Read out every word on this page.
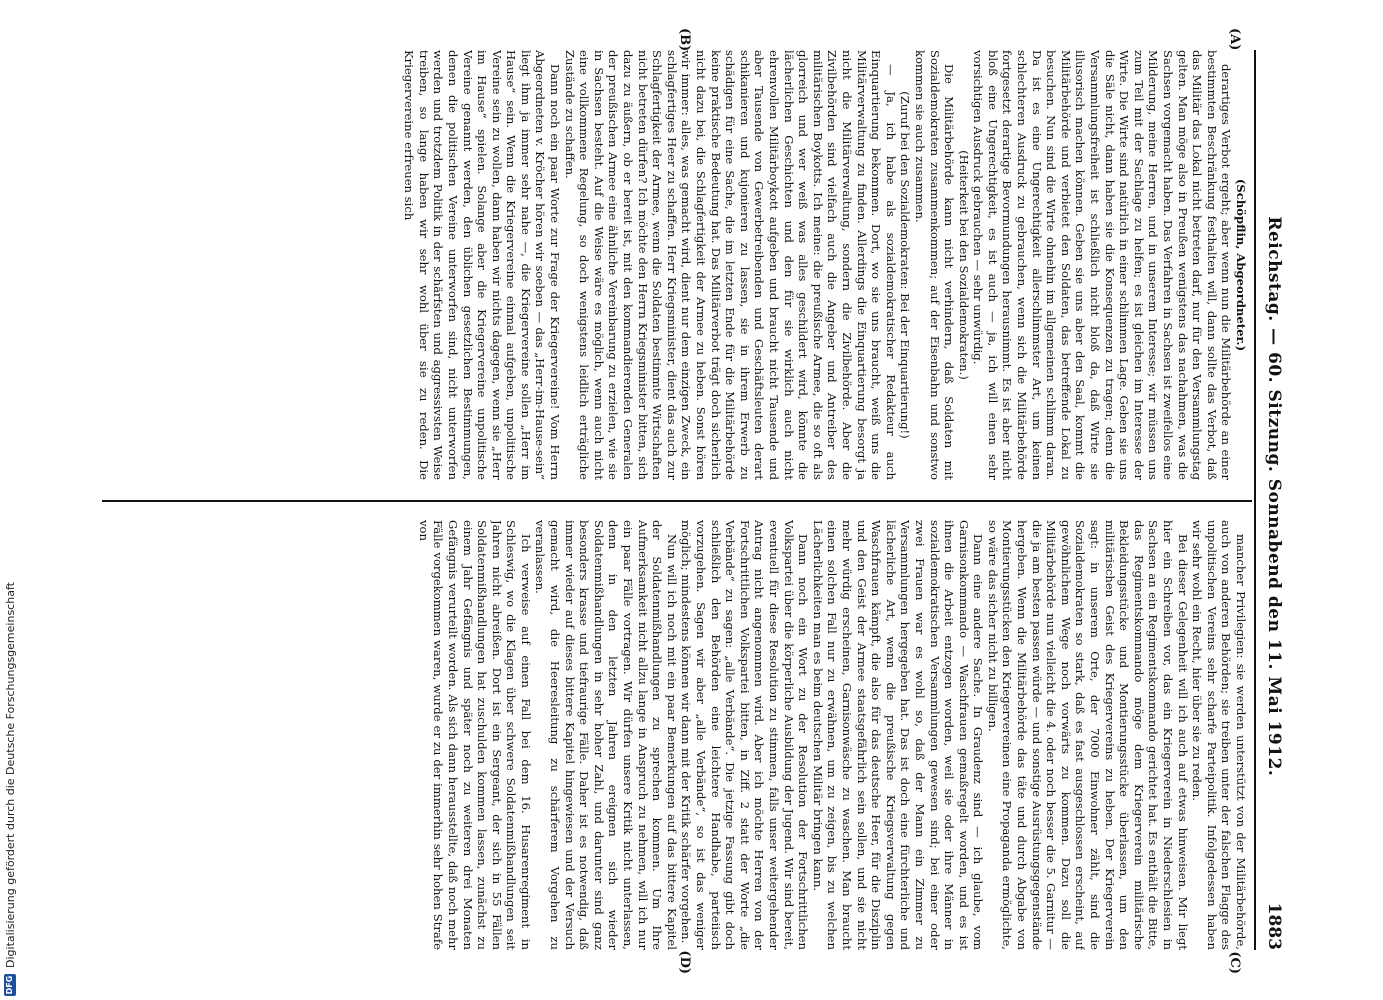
Reichstag. — 60. Sitzung. Sonnabend den 11. Mai 1912.
1883
(A)
(B)
(C)
(D)

(Schöpflin, Abgeordneter.)

derartiges Verbot ergeht; aber wenn nun die Militärbehörde an einer bestimmten Beschränkung festhalten will, dann sollte das Verbot, daß das Militär das Lokal nicht betreten darf, nur für den Versammlungstag gelten. Man möge also in Preußen wenigstens das nachahmen, was die Sachsen vorgemacht haben. Das Verfahren in Sachsen ist zweifellos eine Milderung, meine Herren, und in unserem Interesse; wir müssen uns zum Teil mit der Sachlage zu helfen; es ist gleichen im Interesse der Wirte. Die Wirte sind natürlich in einer schlimmen Lage. Geben sie uns die Säle nicht, dann haben sie die Konsequenzen zu tragen; denn die Versammlungsfreiheit ist schließlich nicht bloß da, daß Wirte sie illusorisch machen können. Geben sie uns aber den Saal, kommt die Militärbehörde und verbietet den Soldaten, das betreffende Lokal zu besuchen. Nun sind die Wirte ohnehin im allgemeinen schlimm daran. Da ist es eine Ungerechtigkeit allerschlimmster Art, um keinen schlechteren Ausdruck zu gebrauchen, wenn sich die Militärbehörde fortgesetzt derartige Bevormundungen herausnimmt. Es ist aber nicht bloß eine Ungerechtigkeit, es ist auch — ja, ich will einen sehr vorsichtigen Ausdruck gebrauchen — sehr unwürdig.

(Heiterkeit bei den Sozialdemokraten.)

Die Militärbehörde kann nicht verhindern, daß Soldaten mit Sozialdemokraten zusammenkommen; auf der Eisenbahn und sonstwo kommen sie auch zusammen.

(Zuruf bei den Sozialdemokraten: Bei der Einquartierung!)

— Ja, ich habe als sozialdemokratischer Redakteur auch Einquartierung bekommen. Dort, wo sie uns braucht, weiß uns die Militärverwaltung zu finden. Allerdings die Einquartierung besorgt ja nicht die Militärverwaltung, sondern die Zivilbehörde. Aber die Zivilbehörden sind vielfach auch die Angeber und Antreiber des militärischen Boykotts. Ich meine: die preußische Armee, die so oft als glorreich und wer weiß was alles geschildert wird, könnte die lächerlichen Geschichten und den für sie wirklich auch nicht ehrenvollen Militärboykott aufgeben und braucht nicht Tausende und aber Tausende von Gewerbetreibenden und Geschäftsleuten derart schikanieren und kujonieren zu lassen, sie in ihrem Erwerb zu schädigen für eine Sache, die im letzten Ende für die Militärbehörde keine praktische Bedeutung hat. Das Militärverbot trägt doch sicherlich nicht dazu bei, die Schlagfertigkeit der Armee zu heben. Sonst hören wir immer: alles, was gemacht wird, dient nur dem einzigen Zweck, ein schlagfertiges Heer zu schaffen. Herr Kriegsminister, dient das auch zur Schlagfertigkeit der Armee, wenn die Soldaten bestimmte Wirtschaften nicht betreten dürfen? Ich möchte den Herrn Kriegsminister bitten, sich dazu zu äußern, ob er bereit ist, mit den kommandierenden Generalen der preußischen Armee eine ähnliche Vereinbarung zu erzielen, wie sie in Sachsen besteht. Auf die Weise wäre es möglich, wenn auch nicht eine vollkommene Regelung, so doch wenigstens leidlich erträgliche Zustände zu schaffen.

Dann noch ein paar Worte zur Frage der Kriegervereine! Vom Herrn Abgeordneten v. Kröcher hören wir soeben — das „Herr-im-Hause-sein“ liegt ihm ja immer sehr nahe —, die Kriegervereine sollen „Herr im Hause“ sein. Wenn die Kriegervereine einmal aufgeben, unpolitische Vereine sein zu wollen, dann haben wir nichts dagegen, wenn sie „Herr im Hause“ spielen. Solange aber die Kriegervereine unpolitische Vereine genannt werden, den üblichen gesetzlichen Bestimmungen, denen die politischen Vereine unterworfen sind, nicht unterworfen werden und trotzdem Politik in der schärfsten und aggressivsten Weise treiben, so lange haben wir sehr wohl über sie zu reden. Die Kriegervereine erfreuen sich

mancher Privilegien: sie werden unterstützt von der Militärbehörde, auch von anderen Behörden; sie treiben unter der falschen Flagge des unpolitischen Vereins sehr scharfe Parteipolitik. Infolgedessen haben wir sehr wohl ein Recht, hier über sie zu reden.

Bei dieser Gelegenheit will ich auch auf etwas hinweisen. Mir liegt hier ein Schreiben vor, das ein Kriegerverein in Niederschlesien in Sachsen an ein Regimentskommando gerichtet hat. Es enthält die Bitte, das Regimentskommando möge dem Kriegerverein militärische Bekleidungsstücke und Montierungsstücke überlassen, um den militärischen Geist des Kriegervereins zu heben. Der Kriegerverein sagt: in unserem Orte, der 7000 Einwohner zählt, sind die Sozialdemokraten so stark, daß es fast ausgeschlossen erscheint, auf gewöhnlichem Wege noch vorwärts zu kommen. Dazu soll die Militärbehörde nun vielleicht die 4. oder noch besser die 5. Garnitur — die ja am besten passen würde — und sonstige Ausrüstungsgegenstände hergeben. Wenn die Militärbehörde das täte und durch Abgabe von Montierungsstücken den Kriegervereinen eine Propaganda ermöglichte, so wäre das sicher nicht zu billigen.

Dann eine andere Sache. In Graudenz sind — ich glaube, vom Garnisonkommando — Waschfrauen gemaßregelt worden, und es ist ihnen die Arbeit entzogen worden, weil sie oder ihre Männer in sozialdemokratischen Versammlungen gewesen sind; bei einer oder zwei Frauen war es wohl so, daß der Mann ein Zimmer zu Versammlungen hergegeben hat. Das ist doch eine fürchterliche und lächerliche Art, wenn die preußische Kriegsverwaltung gegen Waschfrauen kämpft, die also für das deutsche Heer, für die Disziplin und den Geist der Armee staatsgefährlich sein sollen, und sie nicht mehr würdig erscheinen, Garnisonwäsche zu waschen. Man braucht einen solchen Fall nur zu erwähnen, um zu zeigen, bis zu welchen Lächerlichkeiten man es beim deutschen Militär bringen kann.

Dann noch ein Wort zu der Resolution der Fortschrittlichen Volkspartei über die körperliche Ausbildung der Jugend. Wir sind bereit, eventuell für diese Resolution zu stimmen, falls unser weitergehender Antrag nicht angenommen wird. Aber ich möchte Herren von der Fortschrittlichen Volkspartei bitten, in Ziff. 2 statt der Worte „die Verbände“ zu sagen: „alle Verbände“. Die jetzige Fassung gibt doch schließlich den Behörden eine leichtere Handhabe, parteiisch vorzugehen. Sagen wir aber „alle Verbände“, so ist das weniger möglich; mindestens können wir dann mit der Kritik schärfer vorgehen.

Nun will ich noch mit ein paar Bemerkungen auf das bittere Kapitel der Soldatenmißhandlungen zu sprechen kommen. Um Ihre Aufmerksamkeit nicht allzu lange in Anspruch zu nehmen, will ich nur ein paar Fälle vortragen. Wir dürfen unsere Kritik nicht unterlassen, denn in den letzten Jahren ereignen sich wieder Soldatenmißhandlungen in sehr hoher Zahl, und darunter sind ganz besonders krasse und tiefraurige Fälle. Daher ist es notwendig, daß immer wieder auf dieses bittere Kapitel hingewiesen und der Versuch gemacht wird, die Heeresleitung zu schärferem Vorgehen zu veranlassen.

Ich verweise auf einen Fall bei dem 16. Husarenregiment in Schleswig, wo die Klagen über schwere Soldatenmißhandlungen seit Jahren nicht abreißen. Dort ist ein Sergeant, der sich in 55 Fällen Soldatenmißhandlungen hat zuschulden kommen lassen, zunächst zu einem Jahr Gefängnis und später noch zu weiteren drei Monaten Gefängnis verurteilt worden. Als sich dann herausstellte, daß noch mehr Fälle vorgekommen waren, wurde er zu der immerhin sehr hohen Strafe von

DFG
Digitalisierung gefördert durch die Deutsche Forschungsgemeinschaft
